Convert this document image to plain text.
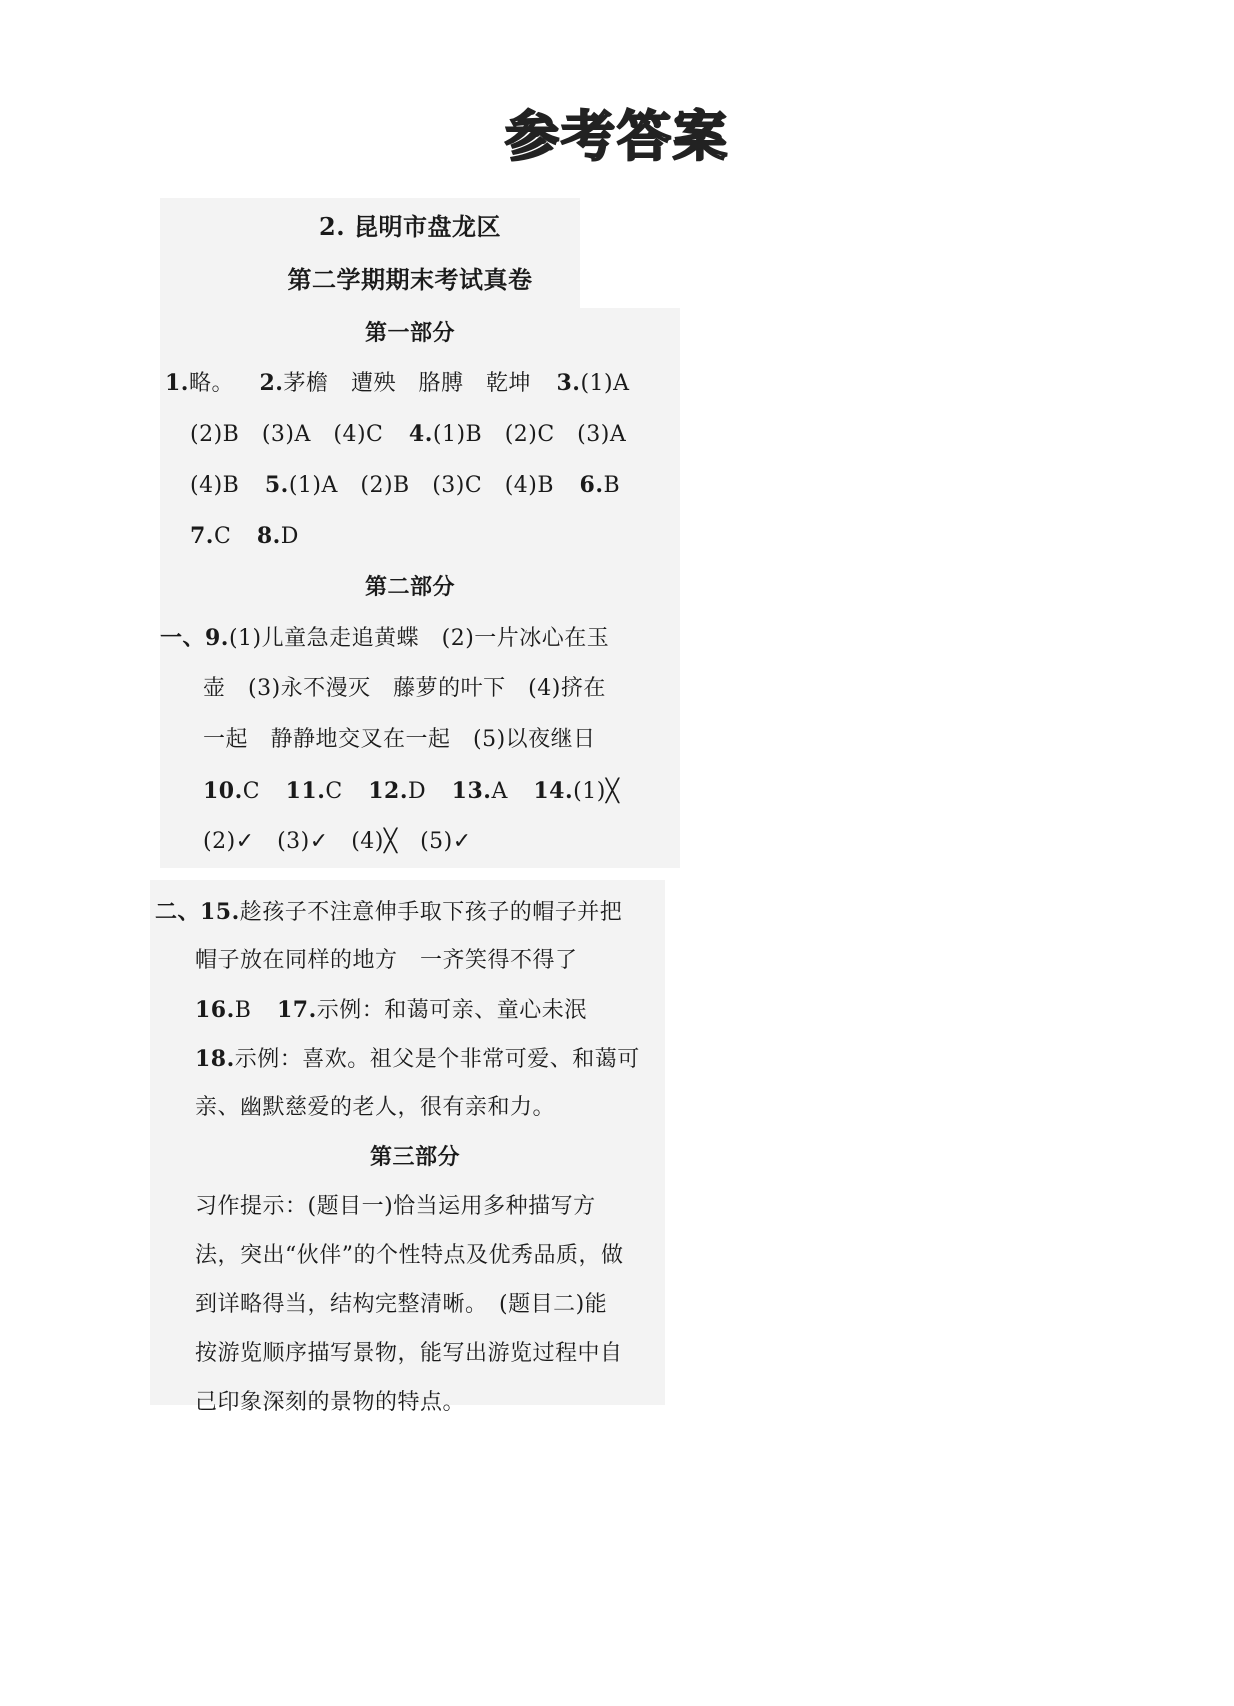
参考答案
2. 昆明市盘龙区
第二学期期末考试真卷
第一部分
1.略。 2.茅檐　遭殃　胳膊　乾坤 3.(1)A
(2)B　(3)A　(4)C 4.(1)B　(2)C　(3)A
(4)B 5.(1)A　(2)B　(3)C　(4)B 6.B
7.C 8.D
第二部分
一、9.(1)儿童急走追黄蝶　(2)一片冰心在玉
壶　(3)永不漫灭　藤萝的叶下　(4)挤在
一起　静静地交叉在一起　(5)以夜继日
10.C 11.C 12.D 13.A 14.(1)╳
(2)✓　(3)✓　(4)╳　(5)✓
二、15.趁孩子不注意伸手取下孩子的帽子并把
帽子放在同样的地方　一齐笑得不得了
16.B 17.示例：和蔼可亲、童心未泯
18.示例：喜欢。祖父是个非常可爱、和蔼可
亲、幽默慈爱的老人，很有亲和力。
第三部分
习作提示：(题目一)恰当运用多种描写方
法，突出“伙伴”的个性特点及优秀品质，做
到详略得当，结构完整清晰。　(题目二)能
按游览顺序描写景物，能写出游览过程中自
己印象深刻的景物的特点。
